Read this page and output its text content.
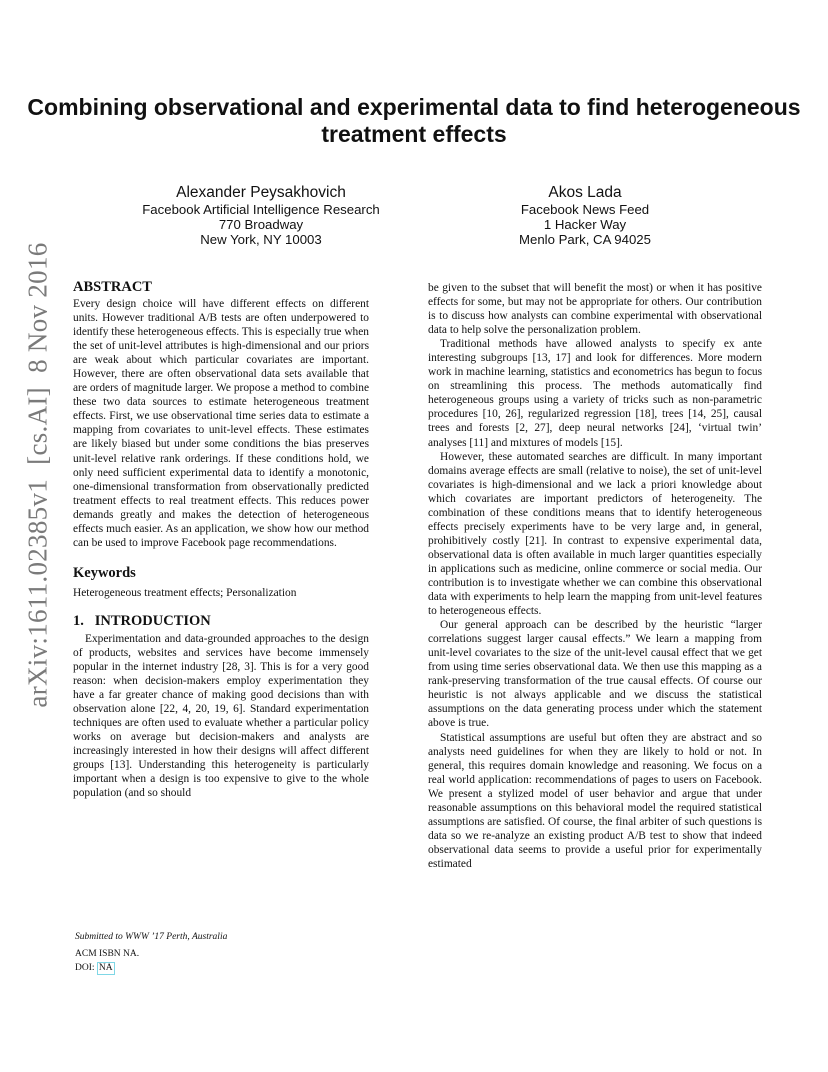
Combining observational and experimental data to find heterogeneous treatment effects
Alexander Peysakhovich
Facebook Artificial Intelligence Research
770 Broadway
New York, NY 10003
Akos Lada
Facebook News Feed
1 Hacker Way
Menlo Park, CA 94025
arXiv:1611.02385v1  [cs.AI]  8 Nov 2016 ABSTRACT

Every design choice will have different effects on different units. However traditional A/B tests are often underpowered to identify these heterogeneous effects. This is especially true when the set of unit-level attributes is high-dimensional and our priors are weak about which particular covariates are important. However, there are often observational data sets available that are orders of magnitude larger. We propose a method to combine these two data sources to estimate heterogeneous treatment effects. First, we use observational time series data to estimate a mapping from covariates to unit-level effects. These estimates are likely biased but under some conditions the bias preserves unit-level relative rank orderings. If these conditions hold, we only need sufficient experimental data to identify a monotonic, one-dimensional transformation from observationally predicted treatment effects to real treatment effects. This reduces power demands greatly and makes the detection of heterogeneous effects much easier. As an application, we show how our method can be used to improve Facebook page recommendations.

Keywords

Heterogeneous treatment effects; Personalization

1.   INTRODUCTION

Experimentation and data-grounded approaches to the design of products, websites and services have become immensely popular in the internet industry [28, 3]. This is for a very good reason: when decision-makers employ experimentation they have a far greater chance of making good decisions than with observation alone [22, 4, 20, 19, 6]. Standard experimentation techniques are often used to evaluate whether a particular policy works on average but decision-makers and analysts are increasingly interested in how their designs will affect different groups [13]. Understanding this heterogeneity is particularly important when a design is too expensive to give to the whole population (and so should

be given to the subset that will benefit the most) or when it has positive effects for some, but may not be appropriate for others. Our contribution is to discuss how analysts can combine experimental with observational data to help solve the personalization problem.

Traditional methods have allowed analysts to specify ex ante interesting subgroups [13, 17] and look for differences. More modern work in machine learning, statistics and econometrics has begun to focus on streamlining this process. The methods automatically find heterogeneous groups using a variety of tricks such as non-parametric procedures [10, 26], regularized regression [18], trees [14, 25], causal trees and forests [2, 27], deep neural networks [24], ‘virtual twin’ analyses [11] and mixtures of models [15].

However, these automated searches are difficult. In many important domains average effects are small (relative to noise), the set of unit-level covariates is high-dimensional and we lack a priori knowledge about which covariates are important predictors of heterogeneity. The combination of these conditions means that to identify heterogeneous effects precisely experiments have to be very large and, in general, prohibitively costly [21]. In contrast to expensive experimental data, observational data is often available in much larger quantities especially in applications such as medicine, online commerce or social media. Our contribution is to investigate whether we can combine this observational data with experiments to help learn the mapping from unit-level features to heterogeneous effects.

Our general approach can be described by the heuristic “larger correlations suggest larger causal effects.” We learn a mapping from unit-level covariates to the size of the unit-level causal effect that we get from using time series observational data. We then use this mapping as a rank-preserving transformation of the true causal effects. Of course our heuristic is not always applicable and we discuss the statistical assumptions on the data generating process under which the statement above is true.

Statistical assumptions are useful but often they are abstract and so analysts need guidelines for when they are likely to hold or not. In general, this requires domain knowledge and reasoning. We focus on a real world application: recommendations of pages to users on Facebook. We present a stylized model of user behavior and argue that under reasonable assumptions on this behavioral model the required statistical assumptions are satisfied. Of course, the final arbiter of such questions is data so we re-analyze an existing product A/B test to show that indeed observational data seems to provide a useful prior for experimentally estimated

Submitted to WWW ’17 Perth, Australia
ACM ISBN NA.
DOI: NA
